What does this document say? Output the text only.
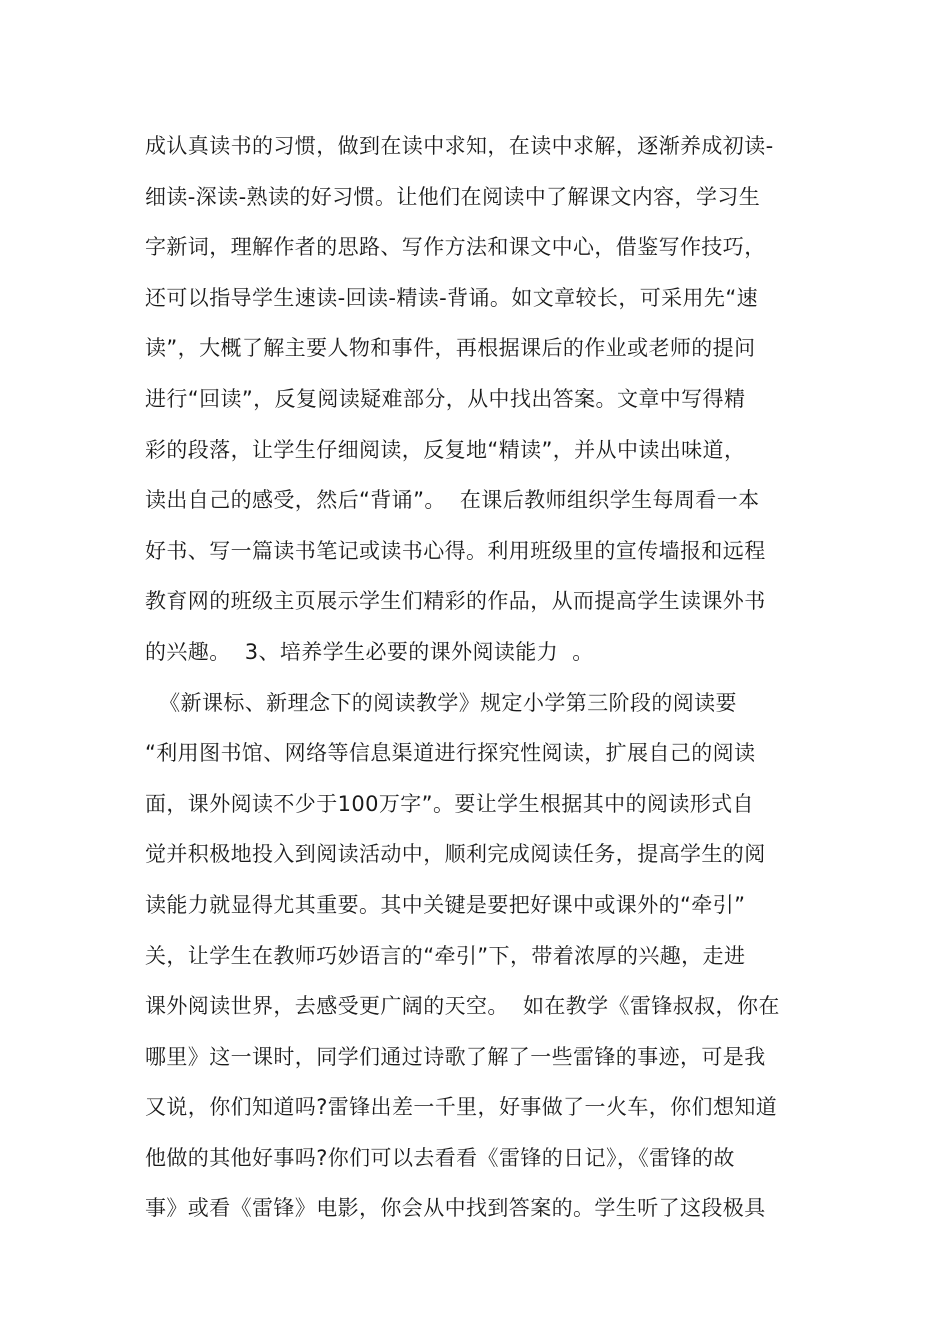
成认真读书的习惯，做到在读中求知，在读中求解，逐渐养成初读-
细读-深读-熟读的好习惯。让他们在阅读中了解课文内容，学习生
字新词，理解作者的思路、写作方法和课文中心，借鉴写作技巧，
还可以指导学生速读-回读-精读-背诵。如文章较长，可采用先“速
读”，大概了解主要人物和事件，再根据课后的作业或老师的提问
进行“回读”，反复阅读疑难部分，从中找出答案。文章中写得精
彩的段落，让学生仔细阅读，反复地“精读”，并从中读出味道，
读出自己的感受，然后“背诵”。  在课后教师组织学生每周看一本
好书、写一篇读书笔记或读书心得。利用班级里的宣传墙报和远程
教育网的班级主页展示学生们精彩的作品，从而提高学生读课外书
的兴趣。  3、培养学生必要的课外阅读能力  。
《新课标、新理念下的阅读教学》规定小学第三阶段的阅读要
“利用图书馆、网络等信息渠道进行探究性阅读，扩展自己的阅读
面，课外阅读不少于100万字”。要让学生根据其中的阅读形式自
觉并积极地投入到阅读活动中，顺利完成阅读任务，提高学生的阅
读能力就显得尤其重要。其中关键是要把好课中或课外的“牵引”
关，让学生在教师巧妙语言的“牵引”下，带着浓厚的兴趣，走进
课外阅读世界，去感受更广阔的天空。  如在教学《雷锋叔叔，你在
哪里》这一课时，同学们通过诗歌了解了一些雷锋的事迹，可是我
又说，你们知道吗?雷锋出差一千里，好事做了一火车，你们想知道
他做的其他好事吗?你们可以去看看《雷锋的日记》，《雷锋的故
事》或看《雷锋》电影，你会从中找到答案的。学生听了这段极具
